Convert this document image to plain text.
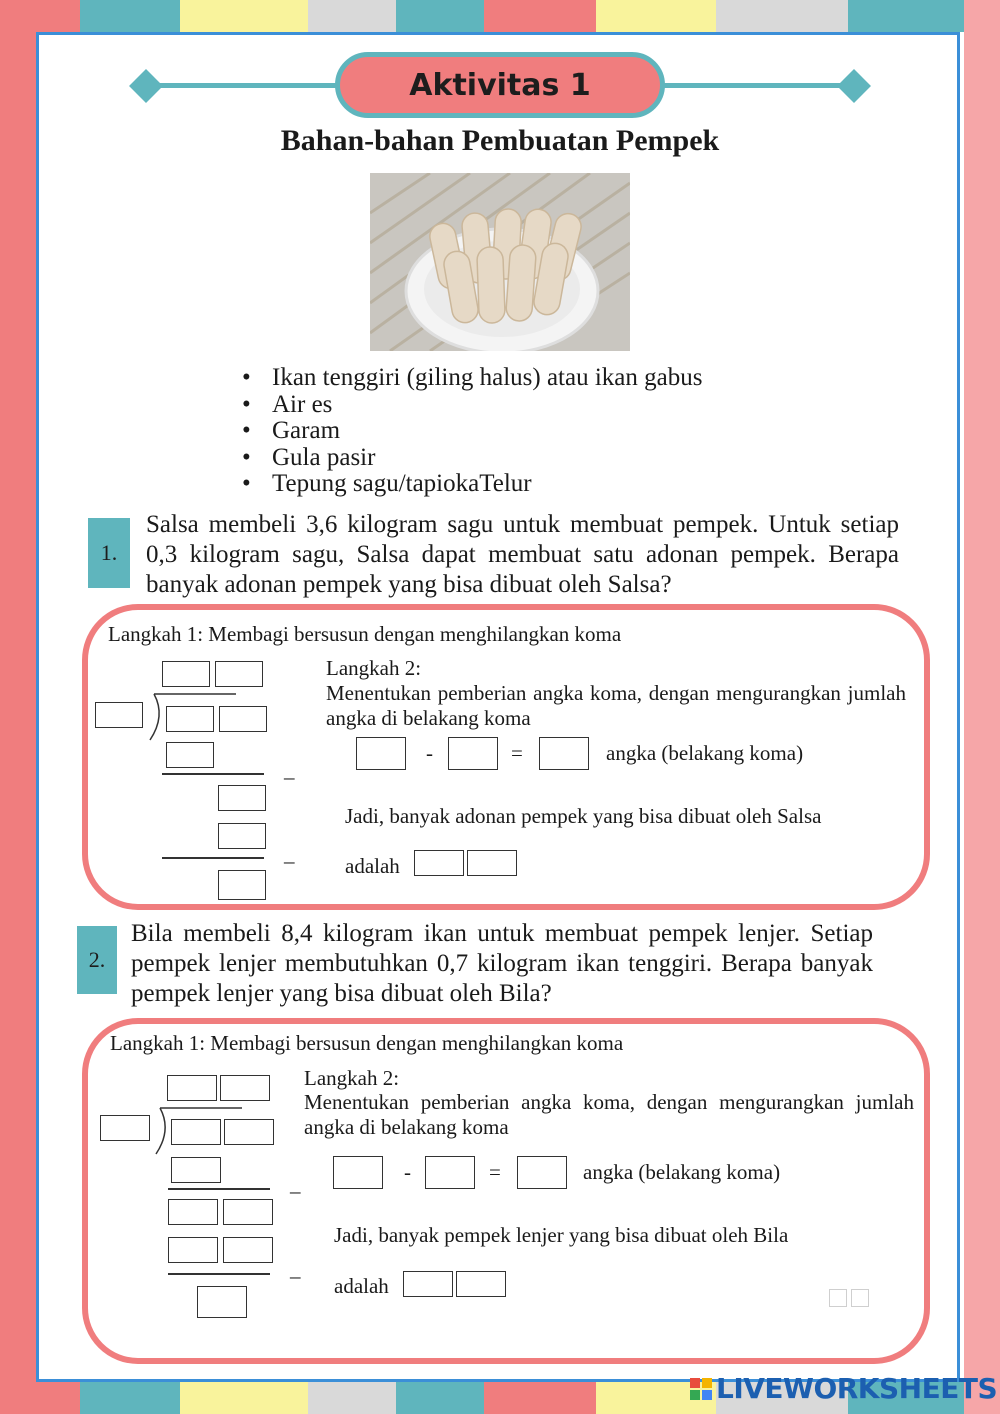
Aktivitas 1
Bahan-bahan Pembuatan Pempek
• Ikan tenggiri (giling halus) atau ikan gabus
• Air es
• Garam
• Gula pasir
• Tepung sagu/tapiokaTelur
1.
Salsa membeli 3,6 kilogram sagu untuk membuat pempek. Untuk setiap 0,3 kilogram sagu, Salsa dapat membuat satu adonan pempek. Berapa banyak adonan pempek yang bisa dibuat oleh Salsa?
Langkah 1: Membagi bersusun dengan menghilangkan koma
_
_
Langkah 2:
Menentukan pemberian angka koma, dengan mengurangkan jumlah angka di belakang koma
-	=	angka (belakang koma)
Jadi, banyak adonan pempek yang bisa dibuat oleh Salsa
adalah
2.
Bila membeli 8,4 kilogram ikan untuk membuat pempek lenjer. Setiap pempek lenjer membutuhkan 0,7 kilogram ikan tenggiri. Berapa banyak pempek lenjer yang bisa dibuat oleh Bila?
Langkah 1: Membagi bersusun dengan menghilangkan koma
_
_
Langkah 2:
Menentukan pemberian angka koma, dengan mengurangkan jumlah angka di belakang koma
-	=	angka (belakang koma)
Jadi, banyak pempek lenjer yang bisa dibuat oleh Bila
adalah
LIVEWORKSHEETS
